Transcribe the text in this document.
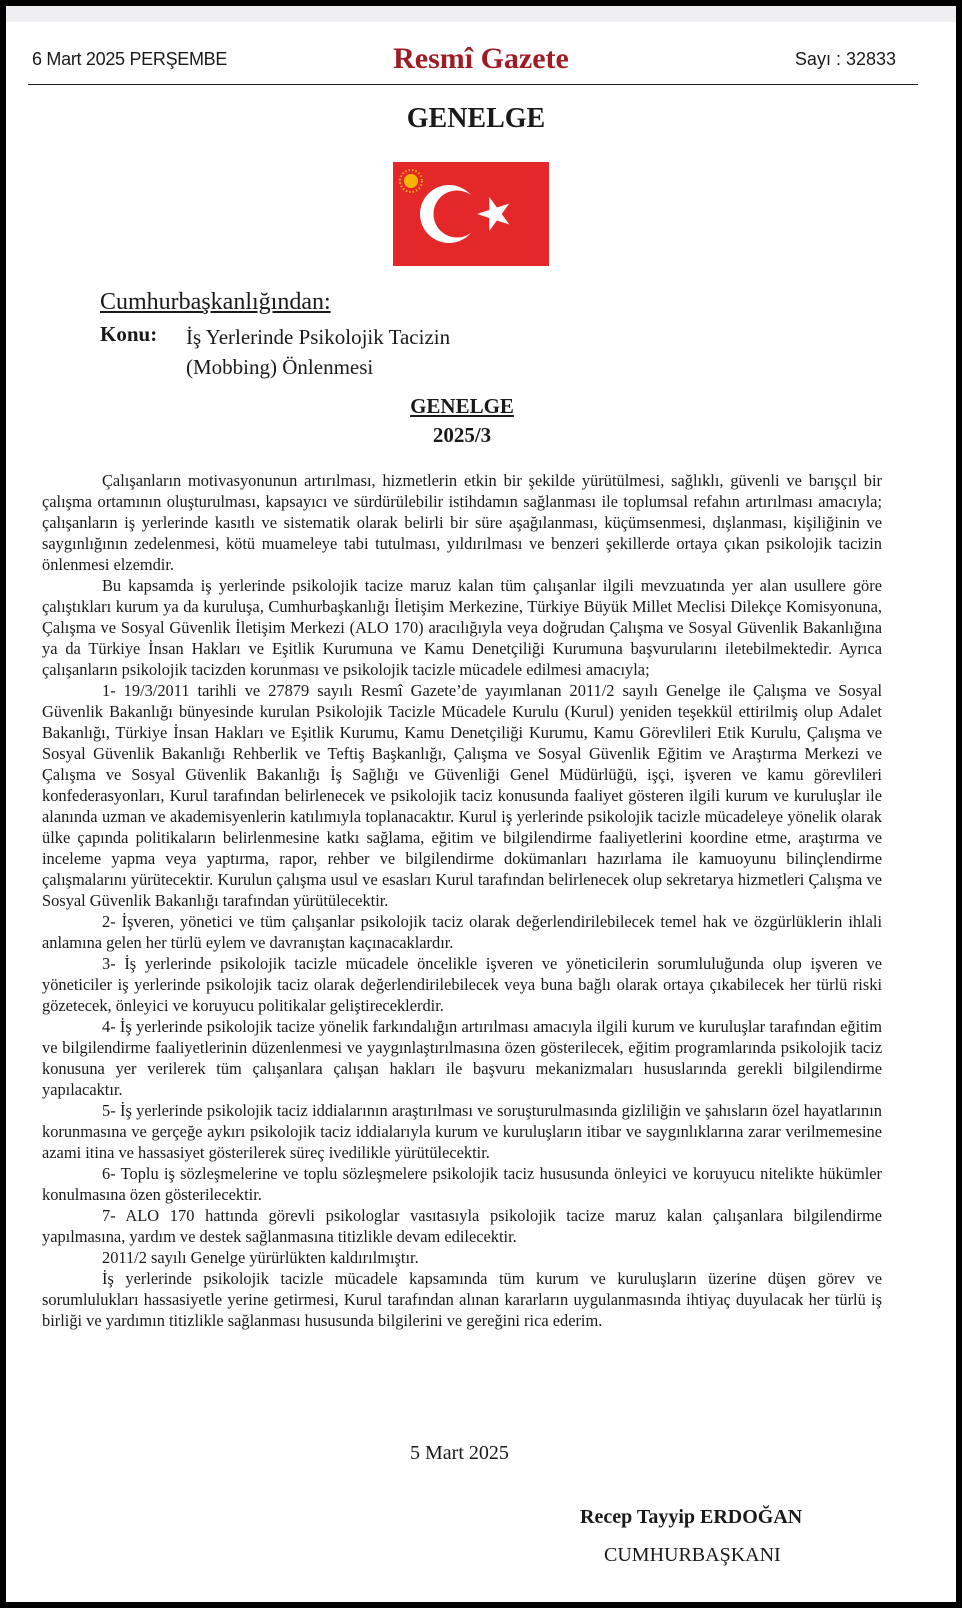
6 Mart 2025 PERŞEMBE	Resmî Gazete	Sayı : 32833
GENELGE
Cumhurbaşkanlığından:
Konu: İş Yerlerinde Psikolojik Tacizin
(Mobbing) Önlenmesi
GENELGE
2025/3

Çalışanların motivasyonunun artırılması, hizmetlerin etkin bir şekilde yürütülmesi, sağlıklı, güvenli ve barışçıl bir çalışma ortamının oluşturulması, kapsayıcı ve sürdürülebilir istihdamın sağlanması ile toplumsal refahın artırılması amacıyla; çalışanların iş yerlerinde kasıtlı ve sistematik olarak belirli bir süre aşağılanması, küçümsenmesi, dışlanması, kişiliğinin ve saygınlığının zedelenmesi, kötü muameleye tabi tutulması, yıldırılması ve benzeri şekillerde ortaya çıkan psikolojik tacizin önlenmesi elzemdir.

Bu kapsamda iş yerlerinde psikolojik tacize maruz kalan tüm çalışanlar ilgili mevzuatında yer alan usullere göre çalıştıkları kurum ya da kuruluşa, Cumhurbaşkanlığı İletişim Merkezine, Türkiye Büyük Millet Meclisi Dilekçe Komisyonuna, Çalışma ve Sosyal Güvenlik İletişim Merkezi (ALO 170) aracılığıyla veya doğrudan Çalışma ve Sosyal Güvenlik Bakanlığına ya da Türkiye İnsan Hakları ve Eşitlik Kurumuna ve Kamu Denetçiliği Kurumuna başvurularını iletebilmektedir. Ayrıca çalışanların psikolojik tacizden korunması ve psikolojik tacizle mücadele edilmesi amacıyla;

1- 19/3/2011 tarihli ve 27879 sayılı Resmî Gazete’de yayımlanan 2011/2 sayılı Genelge ile Çalışma ve Sosyal Güvenlik Bakanlığı bünyesinde kurulan Psikolojik Tacizle Mücadele Kurulu (Kurul) yeniden teşekkül ettirilmiş olup Adalet Bakanlığı, Türkiye İnsan Hakları ve Eşitlik Kurumu, Kamu Denetçiliği Kurumu, Kamu Görevlileri Etik Kurulu, Çalışma ve Sosyal Güvenlik Bakanlığı Rehberlik ve Teftiş Başkanlığı, Çalışma ve Sosyal Güvenlik Eğitim ve Araştırma Merkezi ve Çalışma ve Sosyal Güvenlik Bakanlığı İş Sağlığı ve Güvenliği Genel Müdürlüğü, işçi, işveren ve kamu görevlileri konfederasyonları, Kurul tarafından belirlenecek ve psikolojik taciz konusunda faaliyet gösteren ilgili kurum ve kuruluşlar ile alanında uzman ve akademisyenlerin katılımıyla toplanacaktır. Kurul iş yerlerinde psikolojik tacizle mücadeleye yönelik olarak ülke çapında politikaların belirlenmesine katkı sağlama, eğitim ve bilgilendirme faaliyetlerini koordine etme, araştırma ve inceleme yapma veya yaptırma, rapor, rehber ve bilgilendirme dokümanları hazırlama ile kamuoyunu bilinçlendirme çalışmalarını yürütecektir. Kurulun çalışma usul ve esasları Kurul tarafından belirlenecek olup sekretarya hizmetleri Çalışma ve Sosyal Güvenlik Bakanlığı tarafından yürütülecektir.

2- İşveren, yönetici ve tüm çalışanlar psikolojik taciz olarak değerlendirilebilecek temel hak ve özgürlüklerin ihlali anlamına gelen her türlü eylem ve davranıştan kaçınacaklardır.

3- İş yerlerinde psikolojik tacizle mücadele öncelikle işveren ve yöneticilerin sorumluluğunda olup işveren ve yöneticiler iş yerlerinde psikolojik taciz olarak değerlendirilebilecek veya buna bağlı olarak ortaya çıkabilecek her türlü riski gözetecek, önleyici ve koruyucu politikalar geliştireceklerdir.

4- İş yerlerinde psikolojik tacize yönelik farkındalığın artırılması amacıyla ilgili kurum ve kuruluşlar tarafından eğitim ve bilgilendirme faaliyetlerinin düzenlenmesi ve yaygınlaştırılmasına özen gösterilecek, eğitim programlarında psikolojik taciz konusuna yer verilerek tüm çalışanlara çalışan hakları ile başvuru mekanizmaları hususlarında gerekli bilgilendirme yapılacaktır.

5- İş yerlerinde psikolojik taciz iddialarının araştırılması ve soruşturulmasında gizliliğin ve şahısların özel hayatlarının korunmasına ve gerçeğe aykırı psikolojik taciz iddialarıyla kurum ve kuruluşların itibar ve saygınlıklarına zarar verilmemesine azami itina ve hassasiyet gösterilerek süreç ivedilikle yürütülecektir.

6- Toplu iş sözleşmelerine ve toplu sözleşmelere psikolojik taciz hususunda önleyici ve koruyucu nitelikte hükümler konulmasına özen gösterilecektir.

7- ALO 170 hattında görevli psikologlar vasıtasıyla psikolojik tacize maruz kalan çalışanlara bilgilendirme yapılmasına, yardım ve destek sağlanmasına titizlikle devam edilecektir.

2011/2 sayılı Genelge yürürlükten kaldırılmıştır.

İş yerlerinde psikolojik tacizle mücadele kapsamında tüm kurum ve kuruluşların üzerine düşen görev ve sorumlulukları hassasiyetle yerine getirmesi, Kurul tarafından alınan kararların uygulanmasında ihtiyaç duyulacak her türlü iş birliği ve yardımın titizlikle sağlanması hususunda bilgilerini ve gereğini rica ederim.

5 Mart 2025
Recep Tayyip ERDOĞAN
CUMHURBAŞKANI
